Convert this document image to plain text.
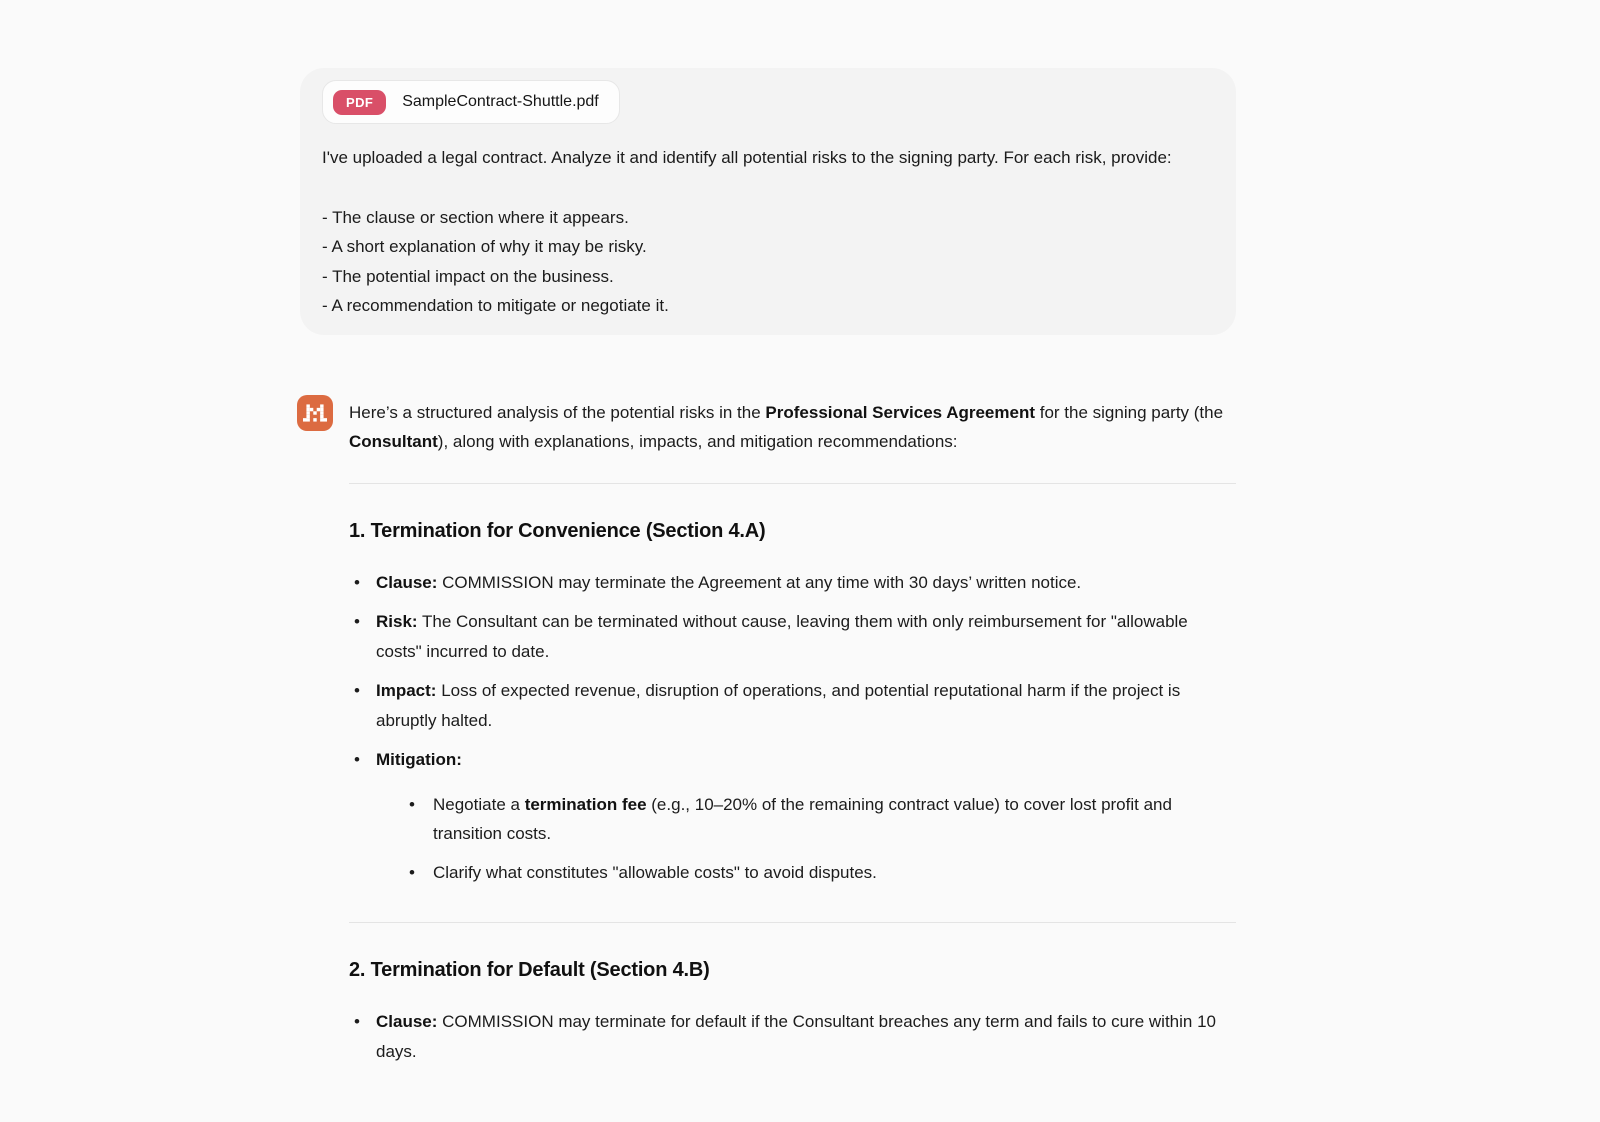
PDF	SampleContract-Shuttle.pdf
I've uploaded a legal contract. Analyze it and identify all potential risks to the signing party. For each risk, provide:
- The clause or section where it appears.
- A short explanation of why it may be risky.
- The potential impact on the business.
- A recommendation to mitigate or negotiate it.

Here’s a structured analysis of the potential risks in the Professional Services Agreement for the signing party (the Consultant), along with explanations, impacts, and mitigation recommendations:

1. Termination for Convenience (Section 4.A)
• Clause: COMMISSION may terminate the Agreement at any time with 30 days’ written notice.
• Risk: The Consultant can be terminated without cause, leaving them with only reimbursement for "allowable costs" incurred to date.
• Impact: Loss of expected revenue, disruption of operations, and potential reputational harm if the project is abruptly halted.
• Mitigation:
•	Negotiate a termination fee (e.g., 10–20% of the remaining contract value) to cover lost profit and transition costs.
•	Clarify what constitutes "allowable costs" to avoid disputes.
2. Termination for Default (Section 4.B)
• Clause: COMMISSION may terminate for default if the Consultant breaches any term and fails to cure within 10 days.
